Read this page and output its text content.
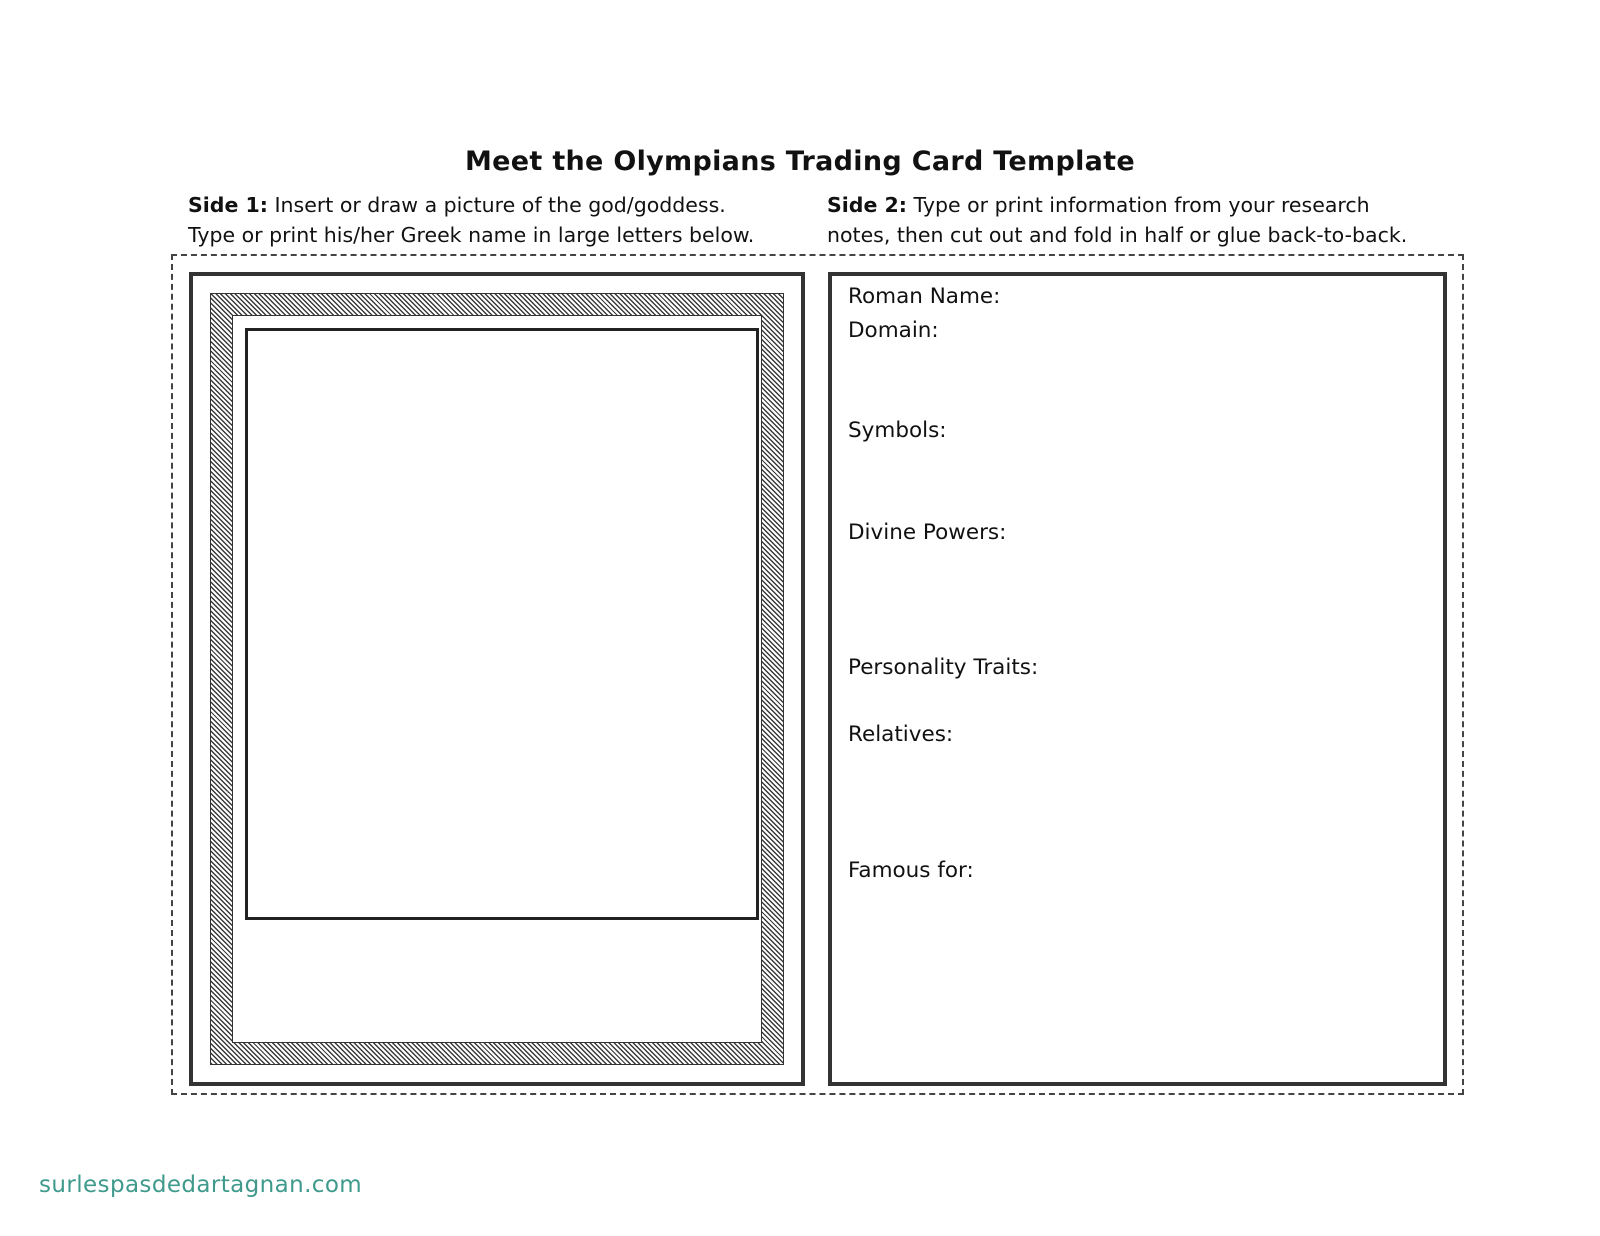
Meet the Olympians Trading Card Template
Side 1: Insert or draw a picture of the god/goddess.
Type or print his/her Greek name in large letters below.
Side 2: Type or print information from your research
notes, then cut out and fold in half or glue back-to-back.
Roman Name:
Domain:
Symbols:
Divine Powers:
Personality Traits:
Relatives:
Famous for:
surlespasdedartagnan.com
